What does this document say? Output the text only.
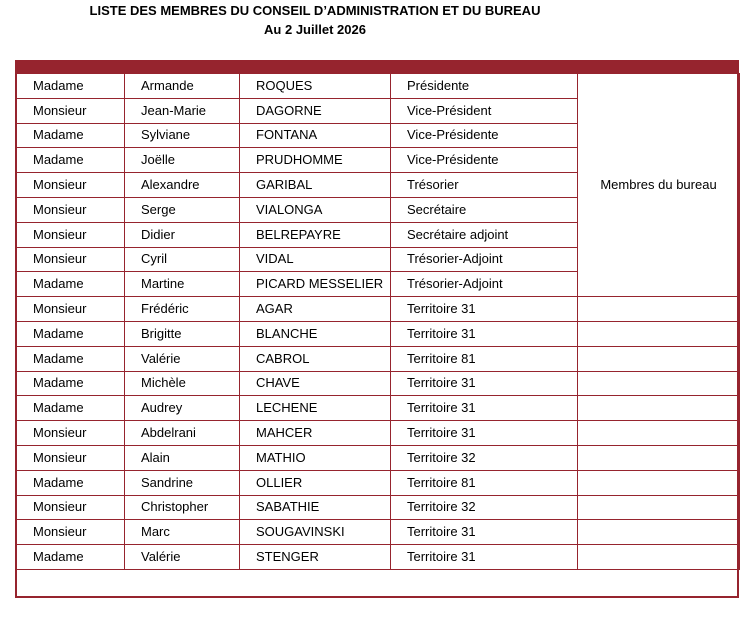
LISTE DES MEMBRES DU CONSEIL D’ADMINISTRATION ET DU BUREAU
Au 2 Juillet 2026
Madame	Armande	ROQUES	Présidente	Membres du bureau
Monsieur	Jean-Marie	DAGORNE	Vice-Président	
Madame	Sylviane	FONTANA	Vice-Présidente	
Madame	Joëlle	PRUDHOMME	Vice-Présidente	
Monsieur	Alexandre	GARIBAL	Trésorier	
Monsieur	Serge	VIALONGA	Secrétaire	
Monsieur	Didier	BELREPAYRE	Secrétaire adjoint	
Monsieur	Cyril	VIDAL	Trésorier-Adjoint	
Madame	Martine	PICARD MESSELIER	Trésorier-Adjoint	
Monsieur	Frédéric	AGAR	Territoire 31	
Madame	Brigitte	BLANCHE	Territoire 31	
Madame	Valérie	CABROL	Territoire 81	
Madame	Michèle	CHAVE	Territoire 31	
Madame	Audrey	LECHENE	Territoire 31	
Monsieur	Abdelrani	MAHCER	Territoire 31	
Monsieur	Alain	MATHIO	Territoire 32	
Madame	Sandrine	OLLIER	Territoire 81	
Monsieur	Christopher	SABATHIE	Territoire 32	
Monsieur	Marc	SOUGAVINSKI	Territoire 31	
Madame	Valérie	STENGER	Territoire 31	
